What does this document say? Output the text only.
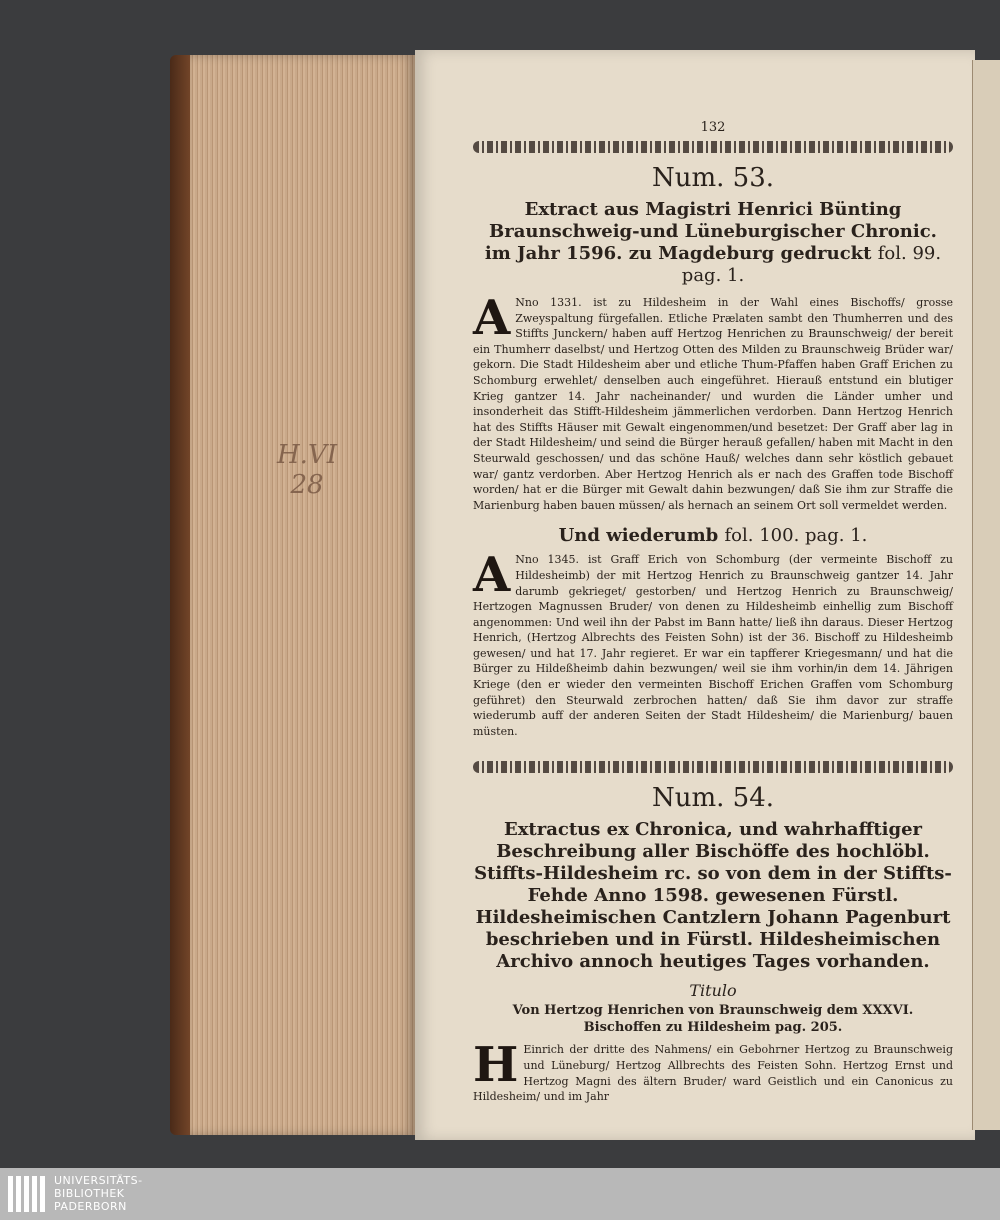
H.VI 28
132
Num. 53.
Extract aus Magistri Henrici Bünting Braunschweig-und Lüneburgischer Chronic. im Jahr 1596. zu Magdeburg gedruckt fol. 99. pag. 1.
A Nno 1331. ist zu Hildesheim in der Wahl eines Bischoffs/ grosse Zweyspaltung fürgefallen. Etliche Prælaten sambt den Thumherren und des Stiffts Junckern/ haben auff Hertzog Henrichen zu Braunschweig/ der bereit ein Thumherr daselbst/ und Hertzog Otten des Milden zu Braunschweig Brüder war/ gekorn. Die Stadt Hildesheim aber und etliche Thum-Pfaffen haben Graff Erichen zu Schomburg erwehlet/ denselben auch eingeführet. Hierauß entstund ein blutiger Krieg gantzer 14. Jahr nacheinander/ und wurden die Länder umher und insonderheit das Stifft-Hildesheim jämmerlichen verdorben. Dann Hertzog Henrich hat des Stiffts Häuser mit Gewalt eingenommen/und besetzet: Der Graff aber lag in der Stadt Hildesheim/ und seind die Bürger herauß gefallen/ haben mit Macht in den Steurwald geschossen/ und das schöne Hauß/ welches dann sehr köstlich gebauet war/ gantz verdorben. Aber Hertzog Henrich als er nach des Graffen tode Bischoff worden/ hat er die Bürger mit Gewalt dahin bezwungen/ daß Sie ihm zur Straffe die Marienburg haben bauen müssen/ als hernach an seinem Ort soll vermeldet werden.
Und wiederumb fol. 100. pag. 1.
A Nno 1345. ist Graff Erich von Schomburg (der vermeinte Bischoff zu Hildesheimb) der mit Hertzog Henrich zu Braunschweig gantzer 14. Jahr darumb gekrieget/ gestorben/ und Hertzog Henrich zu Braunschweig/ Hertzogen Magnussen Bruder/ von denen zu Hildesheimb einhellig zum Bischoff angenommen: Und weil ihn der Pabst im Bann hatte/ ließ ihn daraus. Dieser Hertzog Henrich, (Hertzog Albrechts des Feisten Sohn) ist der 36. Bischoff zu Hildesheimb gewesen/ und hat 17. Jahr regieret. Er war ein tapfferer Kriegesmann/ und hat die Bürger zu Hildeßheimb dahin bezwungen/ weil sie ihm vorhin/in dem 14. Jährigen Kriege (den er wieder den vermeinten Bischoff Erichen Graffen vom Schomburg geführet) den Steurwald zerbrochen hatten/ daß Sie ihm davor zur straffe wiederumb auff der anderen Seiten der Stadt Hildesheim/ die Marienburg/ bauen müsten.
Num. 54.
Extractus ex Chronica, und wahrhafftiger Beschreibung aller Bischöffe des hochlöbl. Stiffts-Hildesheim rc. so von dem in der Stiffts-Fehde Anno 1598. gewesenen Fürstl. Hildesheimischen Cantzlern Johann Pagenburt beschrieben und in Fürstl. Hildesheimischen Archivo annoch heutiges Tages vorhanden.
Titulo
Von Hertzog Henrichen von Braunschweig dem XXXVI. Bischoffen zu Hildesheim pag. 205.
H Einrich der dritte des Nahmens/ ein Gebohrner Hertzog zu Braunschweig und Lüneburg/ Hertzog Allbrechts des Feisten Sohn. Hertzog Ernst und Hertzog Magni des ältern Bruder/ ward Geistlich und ein Canonicus zu Hildesheim/ und im Jahr
UNIVERSITÄTS-
BIBLIOTHEK
PADERBORN
